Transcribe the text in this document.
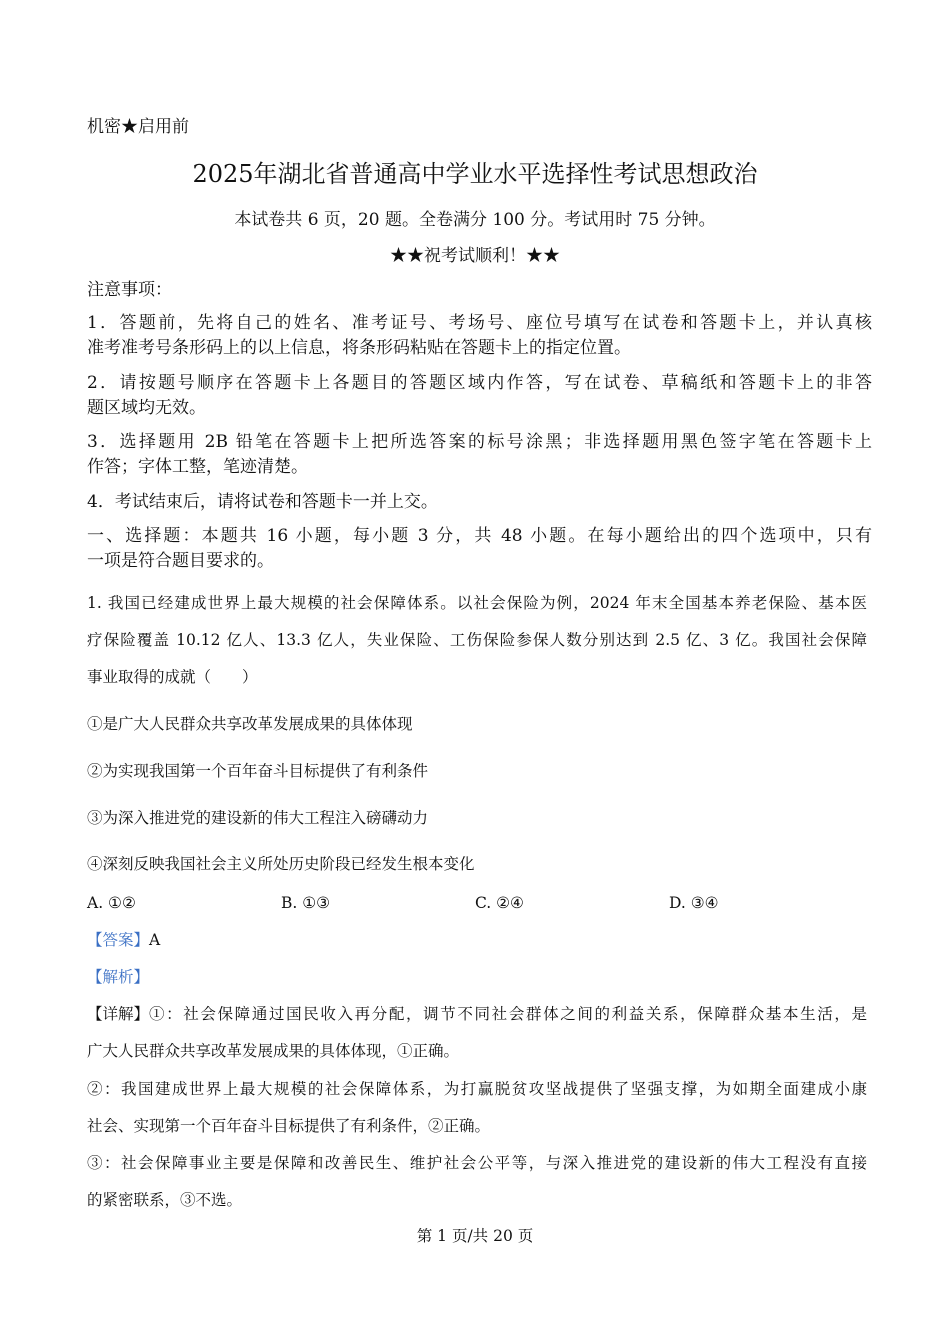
机密★启用前
2025年湖北省普通高中学业水平选择性考试思想政治
本试卷共 6 页，20 题。全卷满分 100 分。考试用时 75 分钟。
★★祝考试顺利！★★
注意事项：
1．答题前，先将自己的姓名、准考证号、考场号、座位号填写在试卷和答题卡上，并认真核
准考准考号条形码上的以上信息，将条形码粘贴在答题卡上的指定位置。
2．请按题号顺序在答题卡上各题目的答题区域内作答，写在试卷、草稿纸和答题卡上的非答
题区域均无效。
3．选择题用 2B 铅笔在答题卡上把所选答案的标号涂黑；非选择题用黑色签字笔在答题卡上
作答；字体工整，笔迹清楚。
4．考试结束后，请将试卷和答题卡一并上交。
一、选择题：本题共 16 小题，每小题 3 分，共 48 小题。在每小题给出的四个选项中，只有
一项是符合题目要求的。
1. 我国已经建成世界上最大规模的社会保障体系。以社会保险为例，2024 年末全国基本养老保险、基本医
疗保险覆盖 10.12 亿人、13.3 亿人，失业保险、工伤保险参保人数分别达到 2.5 亿、3 亿。我国社会保障
事业取得的成就（　　）
①是广大人民群众共享改革发展成果的具体体现
②为实现我国第一个百年奋斗目标提供了有利条件
③为深入推进党的建设新的伟大工程注入磅礴动力
④深刻反映我国社会主义所处历史阶段已经发生根本变化
A. ①②	B. ①③	C. ②④	D. ③④
【答案】A
【解析】
【详解】 ①：社会保障通过国民收入再分配，调节不同社会群体之间的利益关系，保障群众基本生活，是
广大人民群众共享改革发展成果的具体体现，①正确。
②：我国建成世界上最大规模的社会保障体系，为打赢脱贫攻坚战提供了坚强支撑，为如期全面建成小康
社会、实现第一个百年奋斗目标提供了有利条件，②正确。
③：社会保障事业主要是保障和改善民生、维护社会公平等，与深入推进党的建设新的伟大工程没有直接
的紧密联系，③不选。
第 1 页/共 20 页
